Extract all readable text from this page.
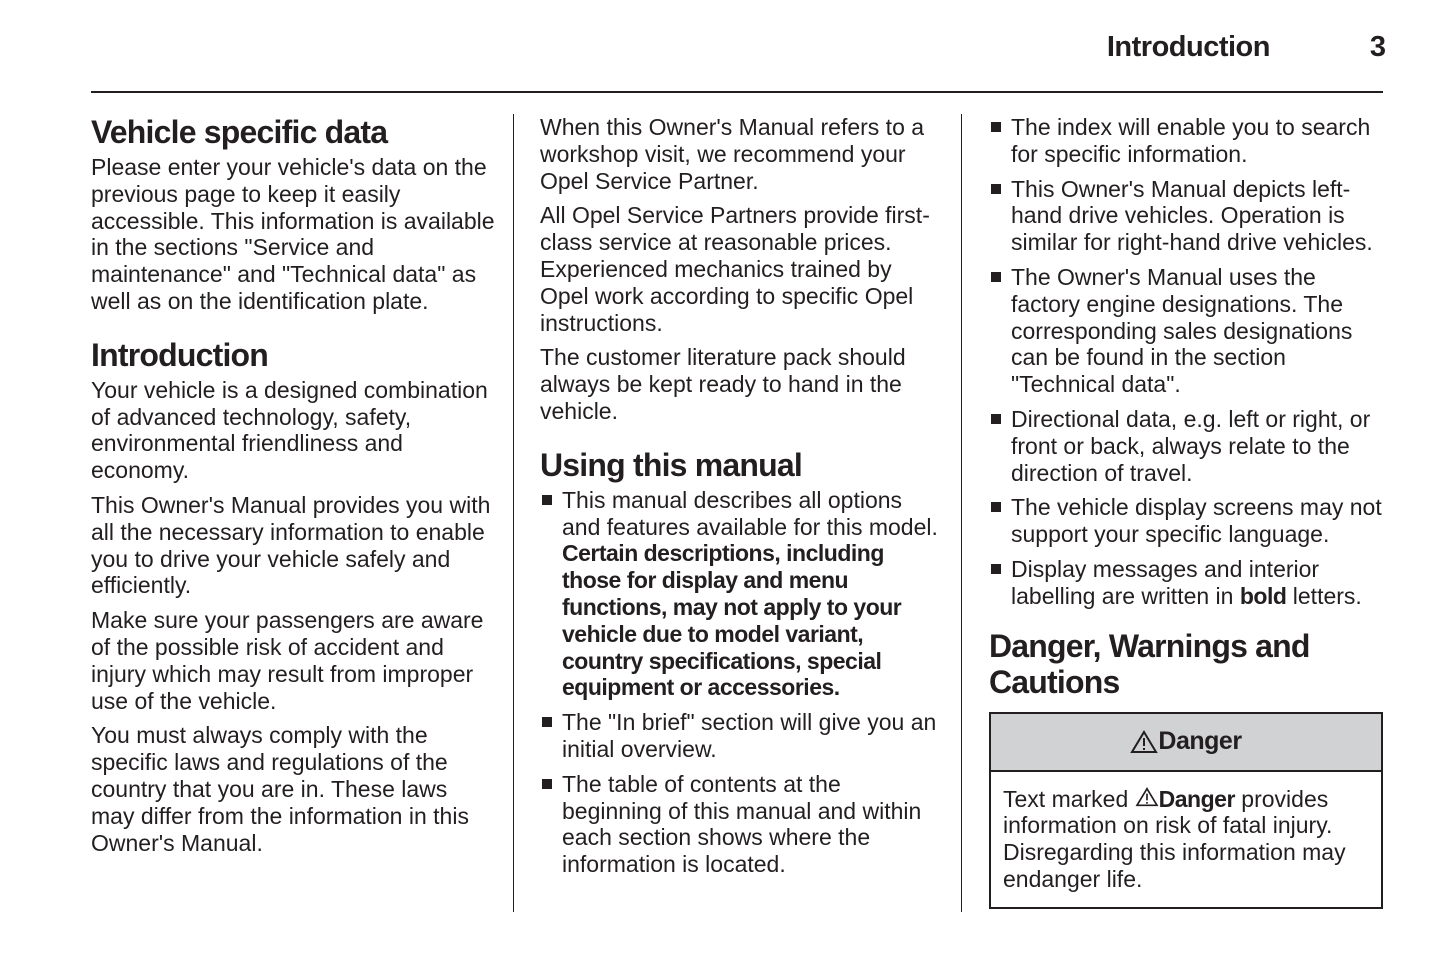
Introduction	3
Vehicle specific data

Please enter your vehicle's data on the previous page to keep it easily accessible. This information is available in the sections "Service and maintenance" and "Technical data" as well as on the identification plate.

Introduction

Your vehicle is a designed combination of advanced technology, safety, environmental friendliness and economy.

This Owner's Manual provides you with all the necessary information to enable you to drive your vehicle safely and efficiently.

Make sure your passengers are aware of the possible risk of accident and injury which may result from improper use of the vehicle.

You must always comply with the specific laws and regulations of the country that you are in. These laws may differ from the information in this Owner's Manual.

When this Owner's Manual refers to a workshop visit, we recommend your Opel Service Partner.

All Opel Service Partners provide first-class service at reasonable prices. Experienced mechanics trained by Opel work according to specific Opel instructions.

The customer literature pack should always be kept ready to hand in the vehicle.

Using this manual
This manual describes all options and features available for this model. Certain descriptions, including those for display and menu functions, may not apply to your vehicle due to model variant, country specifications, special equipment or accessories.
The "In brief" section will give you an initial overview.
The table of contents at the beginning of this manual and within each section shows where the information is located.
The index will enable you to search for specific information.
This Owner's Manual depicts left-hand drive vehicles. Operation is similar for right-hand drive vehicles.
The Owner's Manual uses the factory engine designations. The corresponding sales designations can be found in the section "Technical data".
Directional data, e.g. left or right, or front or back, always relate to the direction of travel.
The vehicle display screens may not support your specific language.
Display messages and interior labelling are written in bold letters.
Danger, Warnings and Cautions
Danger
Text marked Danger provides information on risk of fatal injury. Disregarding this information may endanger life.
